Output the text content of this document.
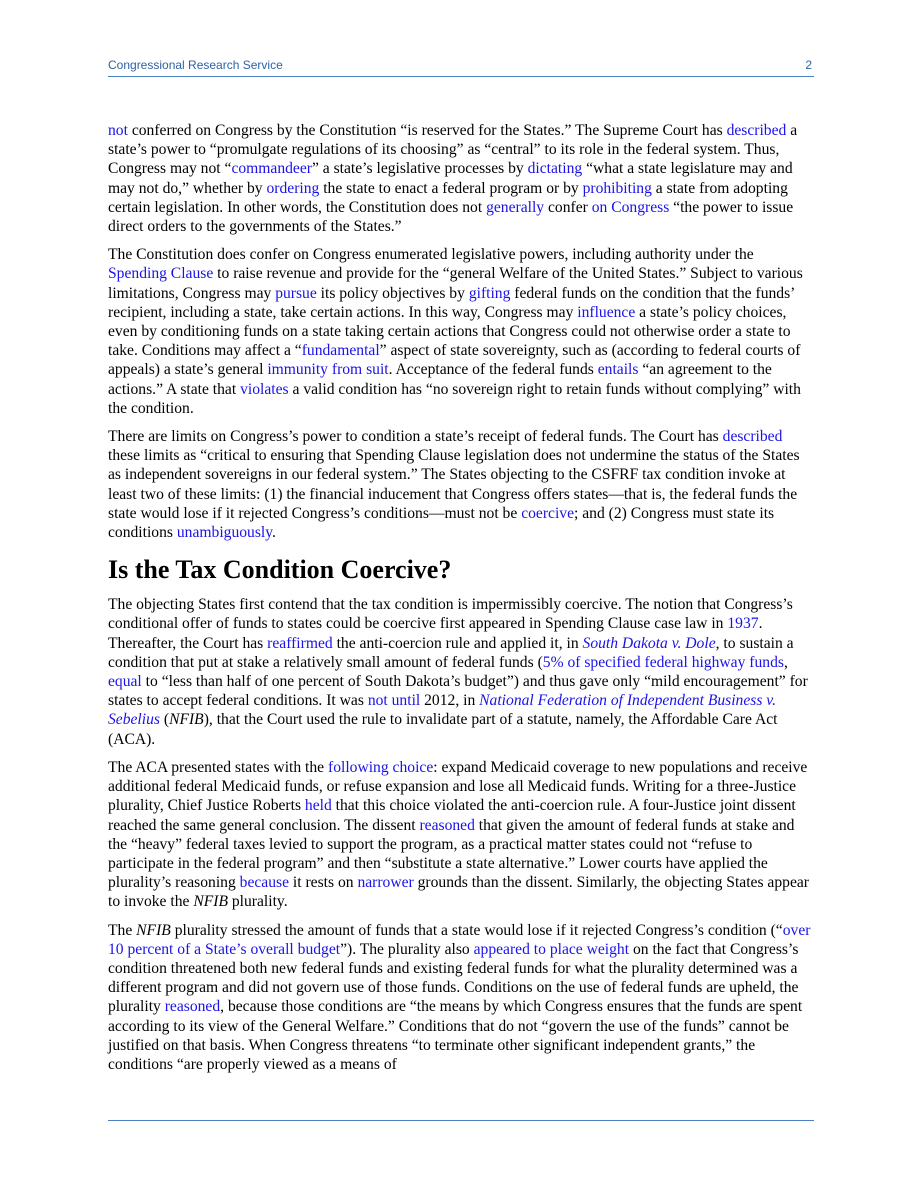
Congressional Research Service	2

not conferred on Congress by the Constitution “is reserved for the States.” The Supreme Court has described a state’s power to “promulgate regulations of its choosing” as “central” to its role in the federal system. Thus, Congress may not “commandeer” a state’s legislative processes by dictating “what a state legislature may and may not do,” whether by ordering the state to enact a federal program or by prohibiting a state from adopting certain legislation. In other words, the Constitution does not generally confer on Congress “the power to issue direct orders to the governments of the States.”

The Constitution does confer on Congress enumerated legislative powers, including authority under the Spending Clause to raise revenue and provide for the “general Welfare of the United States.” Subject to various limitations, Congress may pursue its policy objectives by gifting federal funds on the condition that the funds’ recipient, including a state, take certain actions. In this way, Congress may influence a state’s policy choices, even by conditioning funds on a state taking certain actions that Congress could not otherwise order a state to take. Conditions may affect a “fundamental” aspect of state sovereignty, such as (according to federal courts of appeals) a state’s general immunity from suit. Acceptance of the federal funds entails “an agreement to the actions.” A state that violates a valid condition has “no sovereign right to retain funds without complying” with the condition.

There are limits on Congress’s power to condition a state’s receipt of federal funds. The Court has described these limits as “critical to ensuring that Spending Clause legislation does not undermine the status of the States as independent sovereigns in our federal system.” The States objecting to the CSFRF tax condition invoke at least two of these limits: (1) the financial inducement that Congress offers states—that is, the federal funds the state would lose if it rejected Congress’s conditions—must not be coercive; and (2) Congress must state its conditions unambiguously.

Is the Tax Condition Coercive?

The objecting States first contend that the tax condition is impermissibly coercive. The notion that Congress’s conditional offer of funds to states could be coercive first appeared in Spending Clause case law in 1937. Thereafter, the Court has reaffirmed the anti-coercion rule and applied it, in South Dakota v. Dole, to sustain a condition that put at stake a relatively small amount of federal funds (5% of specified federal highway funds, equal to “less than half of one percent of South Dakota’s budget”) and thus gave only “mild encouragement” for states to accept federal conditions. It was not until 2012, in National Federation of Independent Business v. Sebelius (NFIB), that the Court used the rule to invalidate part of a statute, namely, the Affordable Care Act (ACA).

The ACA presented states with the following choice: expand Medicaid coverage to new populations and receive additional federal Medicaid funds, or refuse expansion and lose all Medicaid funds. Writing for a three-Justice plurality, Chief Justice Roberts held that this choice violated the anti-coercion rule. A four-Justice joint dissent reached the same general conclusion. The dissent reasoned that given the amount of federal funds at stake and the “heavy” federal taxes levied to support the program, as a practical matter states could not “refuse to participate in the federal program” and then “substitute a state alternative.” Lower courts have applied the plurality’s reasoning because it rests on narrower grounds than the dissent. Similarly, the objecting States appear to invoke the NFIB plurality.

The NFIB plurality stressed the amount of funds that a state would lose if it rejected Congress’s condition (“over 10 percent of a State’s overall budget”). The plurality also appeared to place weight on the fact that Congress’s condition threatened both new federal funds and existing federal funds for what the plurality determined was a different program and did not govern use of those funds. Conditions on the use of federal funds are upheld, the plurality reasoned, because those conditions are “the means by which Congress ensures that the funds are spent according to its view of the General Welfare.” Conditions that do not “govern the use of the funds” cannot be justified on that basis. When Congress threatens “to terminate other significant independent grants,” the conditions “are properly viewed as a means of
